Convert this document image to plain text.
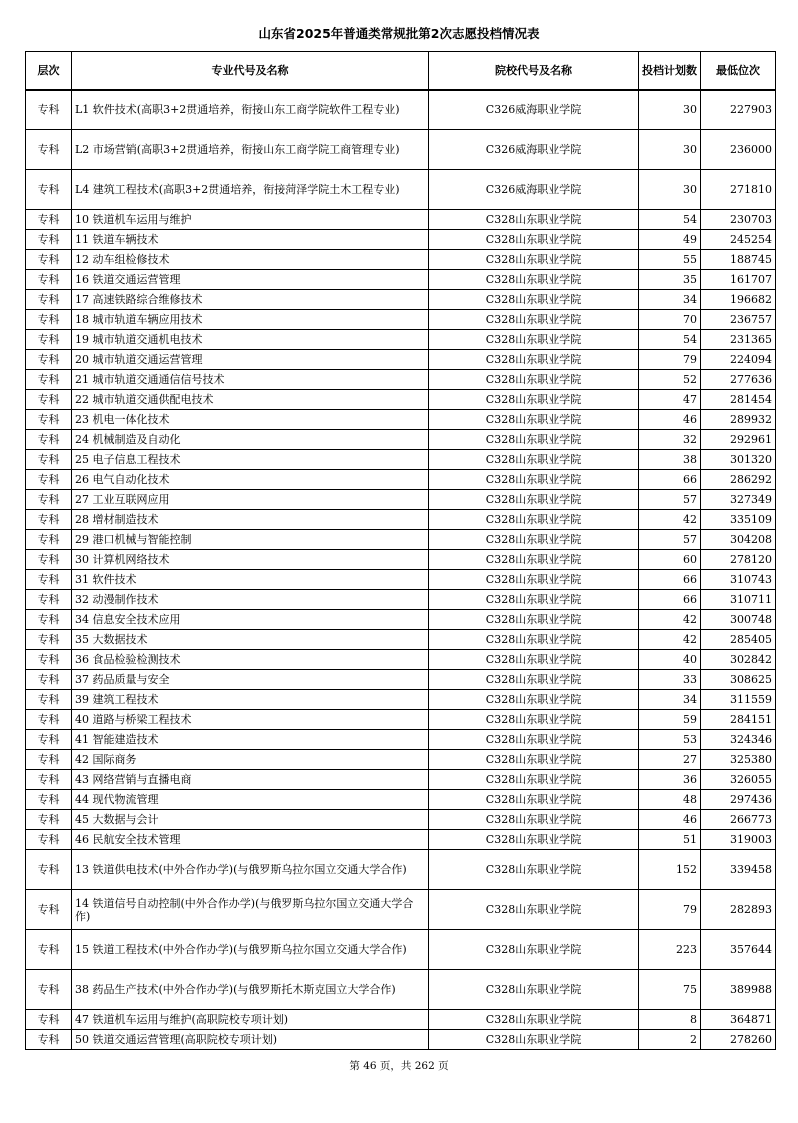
山东省2025年普通类常规批第2次志愿投档情况表
层次	专业代号及名称	院校代号及名称	投档计划数	最低位次
专科	L1 软件技术(高职3+2贯通培养，衔接山东工商学院软件工程专业)	C326威海职业学院	30	227903
专科	L2 市场营销(高职3+2贯通培养，衔接山东工商学院工商管理专业)	C326威海职业学院	30	236000
专科	L4 建筑工程技术(高职3+2贯通培养，衔接菏泽学院土木工程专业)	C326威海职业学院	30	271810
专科	10 铁道机车运用与维护	C328山东职业学院	54	230703
专科	11 铁道车辆技术	C328山东职业学院	49	245254
专科	12 动车组检修技术	C328山东职业学院	55	188745
专科	16 铁道交通运营管理	C328山东职业学院	35	161707
专科	17 高速铁路综合维修技术	C328山东职业学院	34	196682
专科	18 城市轨道车辆应用技术	C328山东职业学院	70	236757
专科	19 城市轨道交通机电技术	C328山东职业学院	54	231365
专科	20 城市轨道交通运营管理	C328山东职业学院	79	224094
专科	21 城市轨道交通通信信号技术	C328山东职业学院	52	277636
专科	22 城市轨道交通供配电技术	C328山东职业学院	47	281454
专科	23 机电一体化技术	C328山东职业学院	46	289932
专科	24 机械制造及自动化	C328山东职业学院	32	292961
专科	25 电子信息工程技术	C328山东职业学院	38	301320
专科	26 电气自动化技术	C328山东职业学院	66	286292
专科	27 工业互联网应用	C328山东职业学院	57	327349
专科	28 增材制造技术	C328山东职业学院	42	335109
专科	29 港口机械与智能控制	C328山东职业学院	57	304208
专科	30 计算机网络技术	C328山东职业学院	60	278120
专科	31 软件技术	C328山东职业学院	66	310743
专科	32 动漫制作技术	C328山东职业学院	66	310711
专科	34 信息安全技术应用	C328山东职业学院	42	300748
专科	35 大数据技术	C328山东职业学院	42	285405
专科	36 食品检验检测技术	C328山东职业学院	40	302842
专科	37 药品质量与安全	C328山东职业学院	33	308625
专科	39 建筑工程技术	C328山东职业学院	34	311559
专科	40 道路与桥梁工程技术	C328山东职业学院	59	284151
专科	41 智能建造技术	C328山东职业学院	53	324346
专科	42 国际商务	C328山东职业学院	27	325380
专科	43 网络营销与直播电商	C328山东职业学院	36	326055
专科	44 现代物流管理	C328山东职业学院	48	297436
专科	45 大数据与会计	C328山东职业学院	46	266773
专科	46 民航安全技术管理	C328山东职业学院	51	319003
专科	13 铁道供电技术(中外合作办学)(与俄罗斯乌拉尔国立交通大学合作)	C328山东职业学院	152	339458
专科	14 铁道信号自动控制(中外合作办学)(与俄罗斯乌拉尔国立交通大学合作)	C328山东职业学院	79	282893
专科	15 铁道工程技术(中外合作办学)(与俄罗斯乌拉尔国立交通大学合作)	C328山东职业学院	223	357644
专科	38 药品生产技术(中外合作办学)(与俄罗斯托木斯克国立大学合作)	C328山东职业学院	75	389988
专科	47 铁道机车运用与维护(高职院校专项计划)	C328山东职业学院	8	364871
专科	50 铁道交通运营管理(高职院校专项计划)	C328山东职业学院	2	278260
第 46 页，共 262 页
